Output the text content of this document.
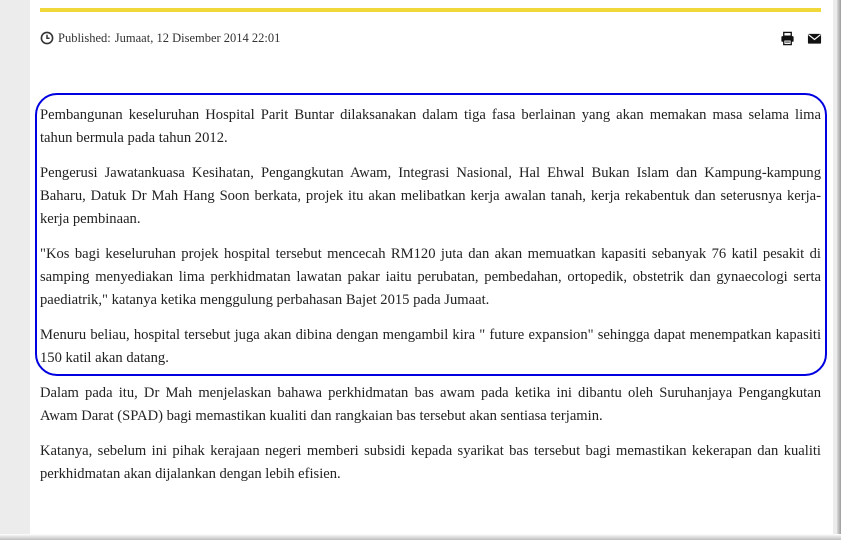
Published: Jumaat, 12 Disember 2014 22:01

Pembangunan keseluruhan Hospital Parit Buntar dilaksanakan dalam tiga fasa berlainan yang akan memakan masa selama lima tahun bermula pada tahun 2012.

Pengerusi Jawatankuasa Kesihatan, Pengangkutan Awam, Integrasi Nasional, Hal Ehwal Bukan Islam dan Kampung-kampung Baharu, Datuk Dr Mah Hang Soon berkata, projek itu akan melibatkan kerja awalan tanah, kerja rekabentuk dan seterusnya kerja-kerja pembinaan.

"Kos bagi keseluruhan projek hospital tersebut mencecah RM120 juta dan akan memuatkan kapasiti sebanyak 76 katil pesakit di samping menyediakan lima perkhidmatan lawatan pakar iaitu perubatan, pembedahan, ortopedik, obstetrik dan gynaecologi serta paediatrik," katanya ketika menggulung perbahasan Bajet 2015 pada Jumaat.

Menuru beliau, hospital tersebut juga akan dibina dengan mengambil kira " future expansion" sehingga dapat menempatkan kapasiti 150 katil akan datang.

Dalam pada itu, Dr Mah menjelaskan bahawa perkhidmatan bas awam pada ketika ini dibantu oleh Suruhanjaya Pengangkutan Awam Darat (SPAD) bagi memastikan kualiti dan rangkaian bas tersebut akan sentiasa terjamin.

Katanya, sebelum ini pihak kerajaan negeri memberi subsidi kepada syarikat bas tersebut bagi memastikan kekerapan dan kualiti perkhidmatan akan dijalankan dengan lebih efisien.
